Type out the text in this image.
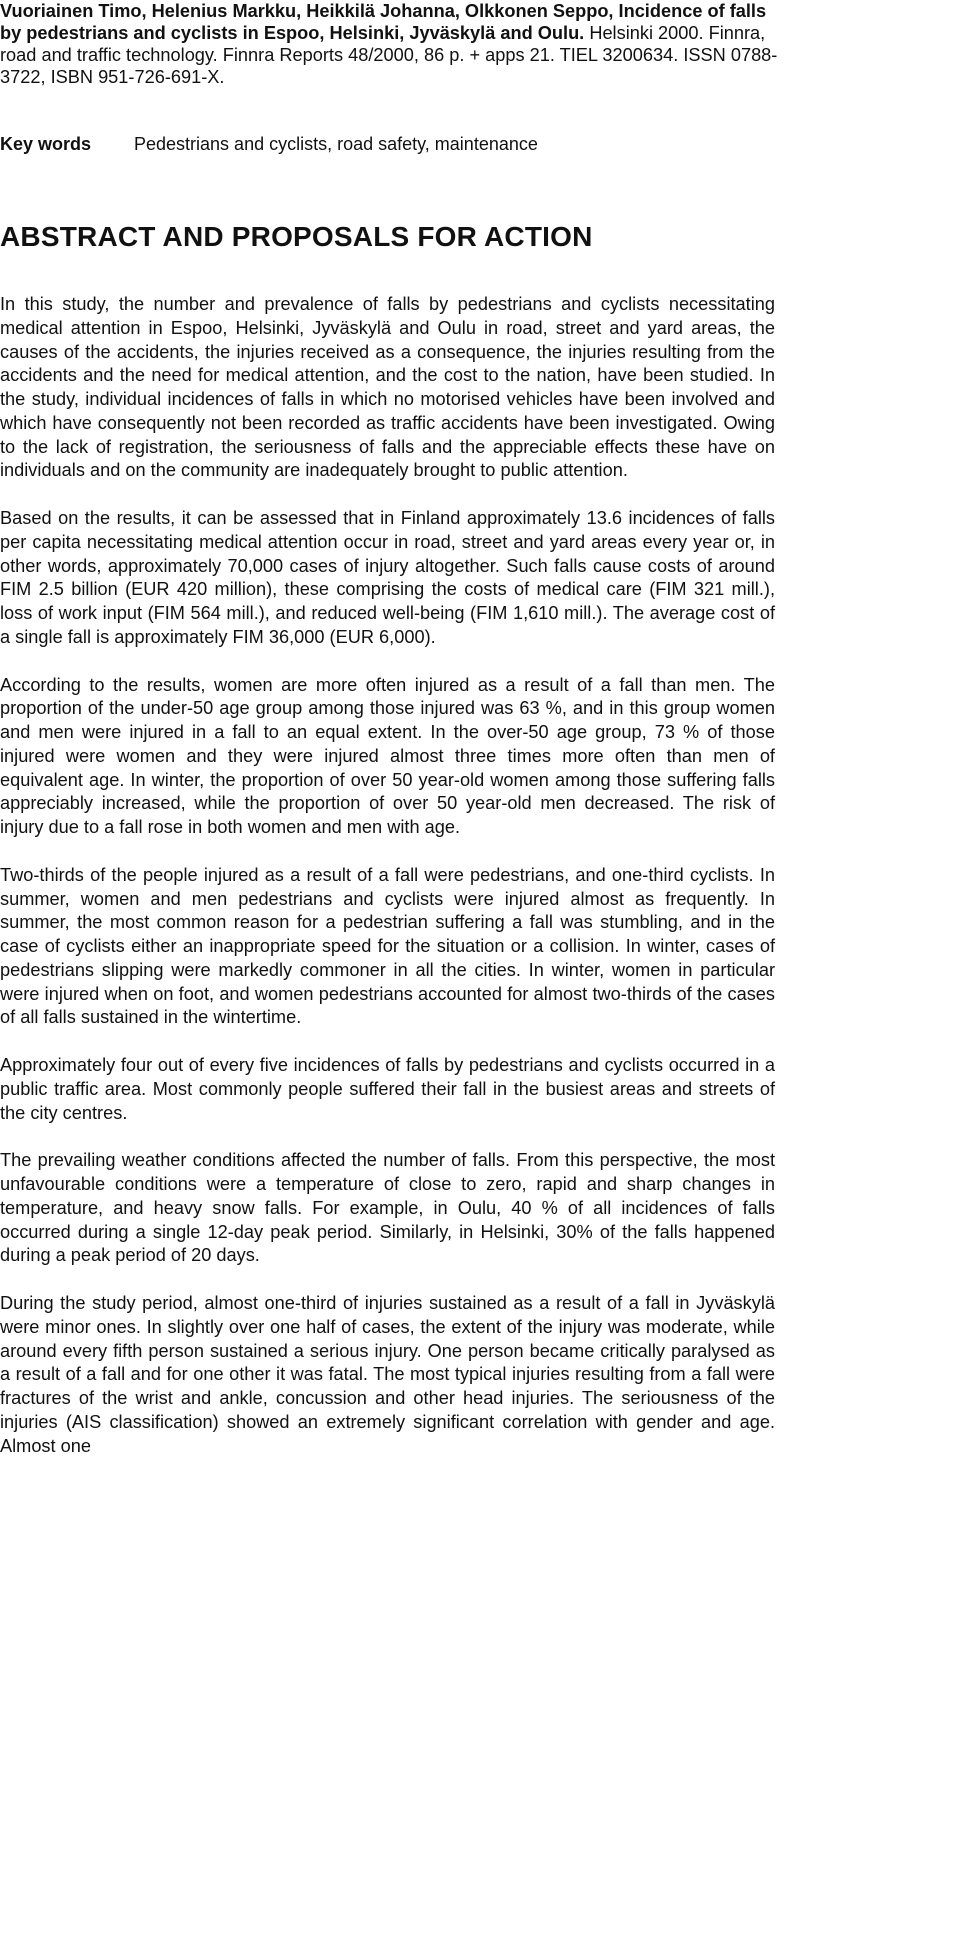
Vuoriainen Timo, Helenius Markku, Heikkilä Johanna, Olkkonen Seppo, Incidence of falls by pedestrians and cyclists in Espoo, Helsinki, Jyväskylä and Oulu. Helsinki 2000. Finnra, road and traffic technology. Finnra Reports 48/2000, 86 p. + apps 21. TIEL 3200634. ISSN 0788-3722, ISBN 951-726-691-X.

Key words Pedestrians and cyclists, road safety, maintenance
ABSTRACT AND PROPOSALS FOR ACTION

In this study, the number and prevalence of falls by pedestrians and cyclists necessitating medical attention in Espoo, Helsinki, Jyväskylä and Oulu in road, street and yard areas, the causes of the accidents, the injuries received as a consequence, the injuries resulting from the accidents and the need for medical attention, and the cost to the nation, have been studied. In the study, individual incidences of falls in which no motorised vehicles have been involved and which have consequently not been recorded as traffic accidents have been investigated. Owing to the lack of registration, the seriousness of falls and the appreciable effects these have on individuals and on the community are inadequately brought to public attention.

Based on the results, it can be assessed that in Finland approximately 13.6 incidences of falls per capita necessitating medical attention occur in road, street and yard areas every year or, in other words, approximately 70,000 cases of injury altogether. Such falls cause costs of around FIM 2.5 billion (EUR 420 million), these comprising the costs of medical care (FIM 321 mill.), loss of work input (FIM 564 mill.), and reduced well-being (FIM 1,610 mill.). The average cost of a single fall is approximately FIM 36,000 (EUR 6,000).

According to the results, women are more often injured as a result of a fall than men. The proportion of the under-50 age group among those injured was 63 %, and in this group women and men were injured in a fall to an equal extent. In the over-50 age group, 73 % of those injured were women and they were injured almost three times more often than men of equivalent age. In winter, the proportion of over 50 year-old women among those suffering falls appreciably increased, while the proportion of over 50 year-old men decreased. The risk of injury due to a fall rose in both women and men with age.

Two-thirds of the people injured as a result of a fall were pedestrians, and one-third cyclists. In summer, women and men pedestrians and cyclists were injured almost as frequently. In summer, the most common reason for a pedestrian suffering a fall was stumbling, and in the case of cyclists either an inappropriate speed for the situation or a collision. In winter, cases of pedestrians slipping were markedly commoner in all the cities. In winter, women in particular were injured when on foot, and women pedestrians accounted for almost two-thirds of the cases of all falls sustained in the wintertime.

Approximately four out of every five incidences of falls by pedestrians and cyclists occurred in a public traffic area. Most commonly people suffered their fall in the busiest areas and streets of the city centres.

The prevailing weather conditions affected the number of falls. From this perspective, the most unfavourable conditions were a temperature of close to zero, rapid and sharp changes in temperature, and heavy snow falls. For example, in Oulu, 40 % of all incidences of falls occurred during a single 12-day peak period. Similarly, in Helsinki, 30% of the falls happened during a peak period of 20 days.

During the study period, almost one-third of injuries sustained as a result of a fall in Jyväskylä were minor ones. In slightly over one half of cases, the extent of the injury was moderate, while around every fifth person sustained a serious injury. One person became critically paralysed as a result of a fall and for one other it was fatal. The most typical injuries resulting from a fall were fractures of the wrist and ankle, concussion and other head injuries. The seriousness of the injuries (AIS classification) showed an extremely significant correlation with gender and age. Almost one
